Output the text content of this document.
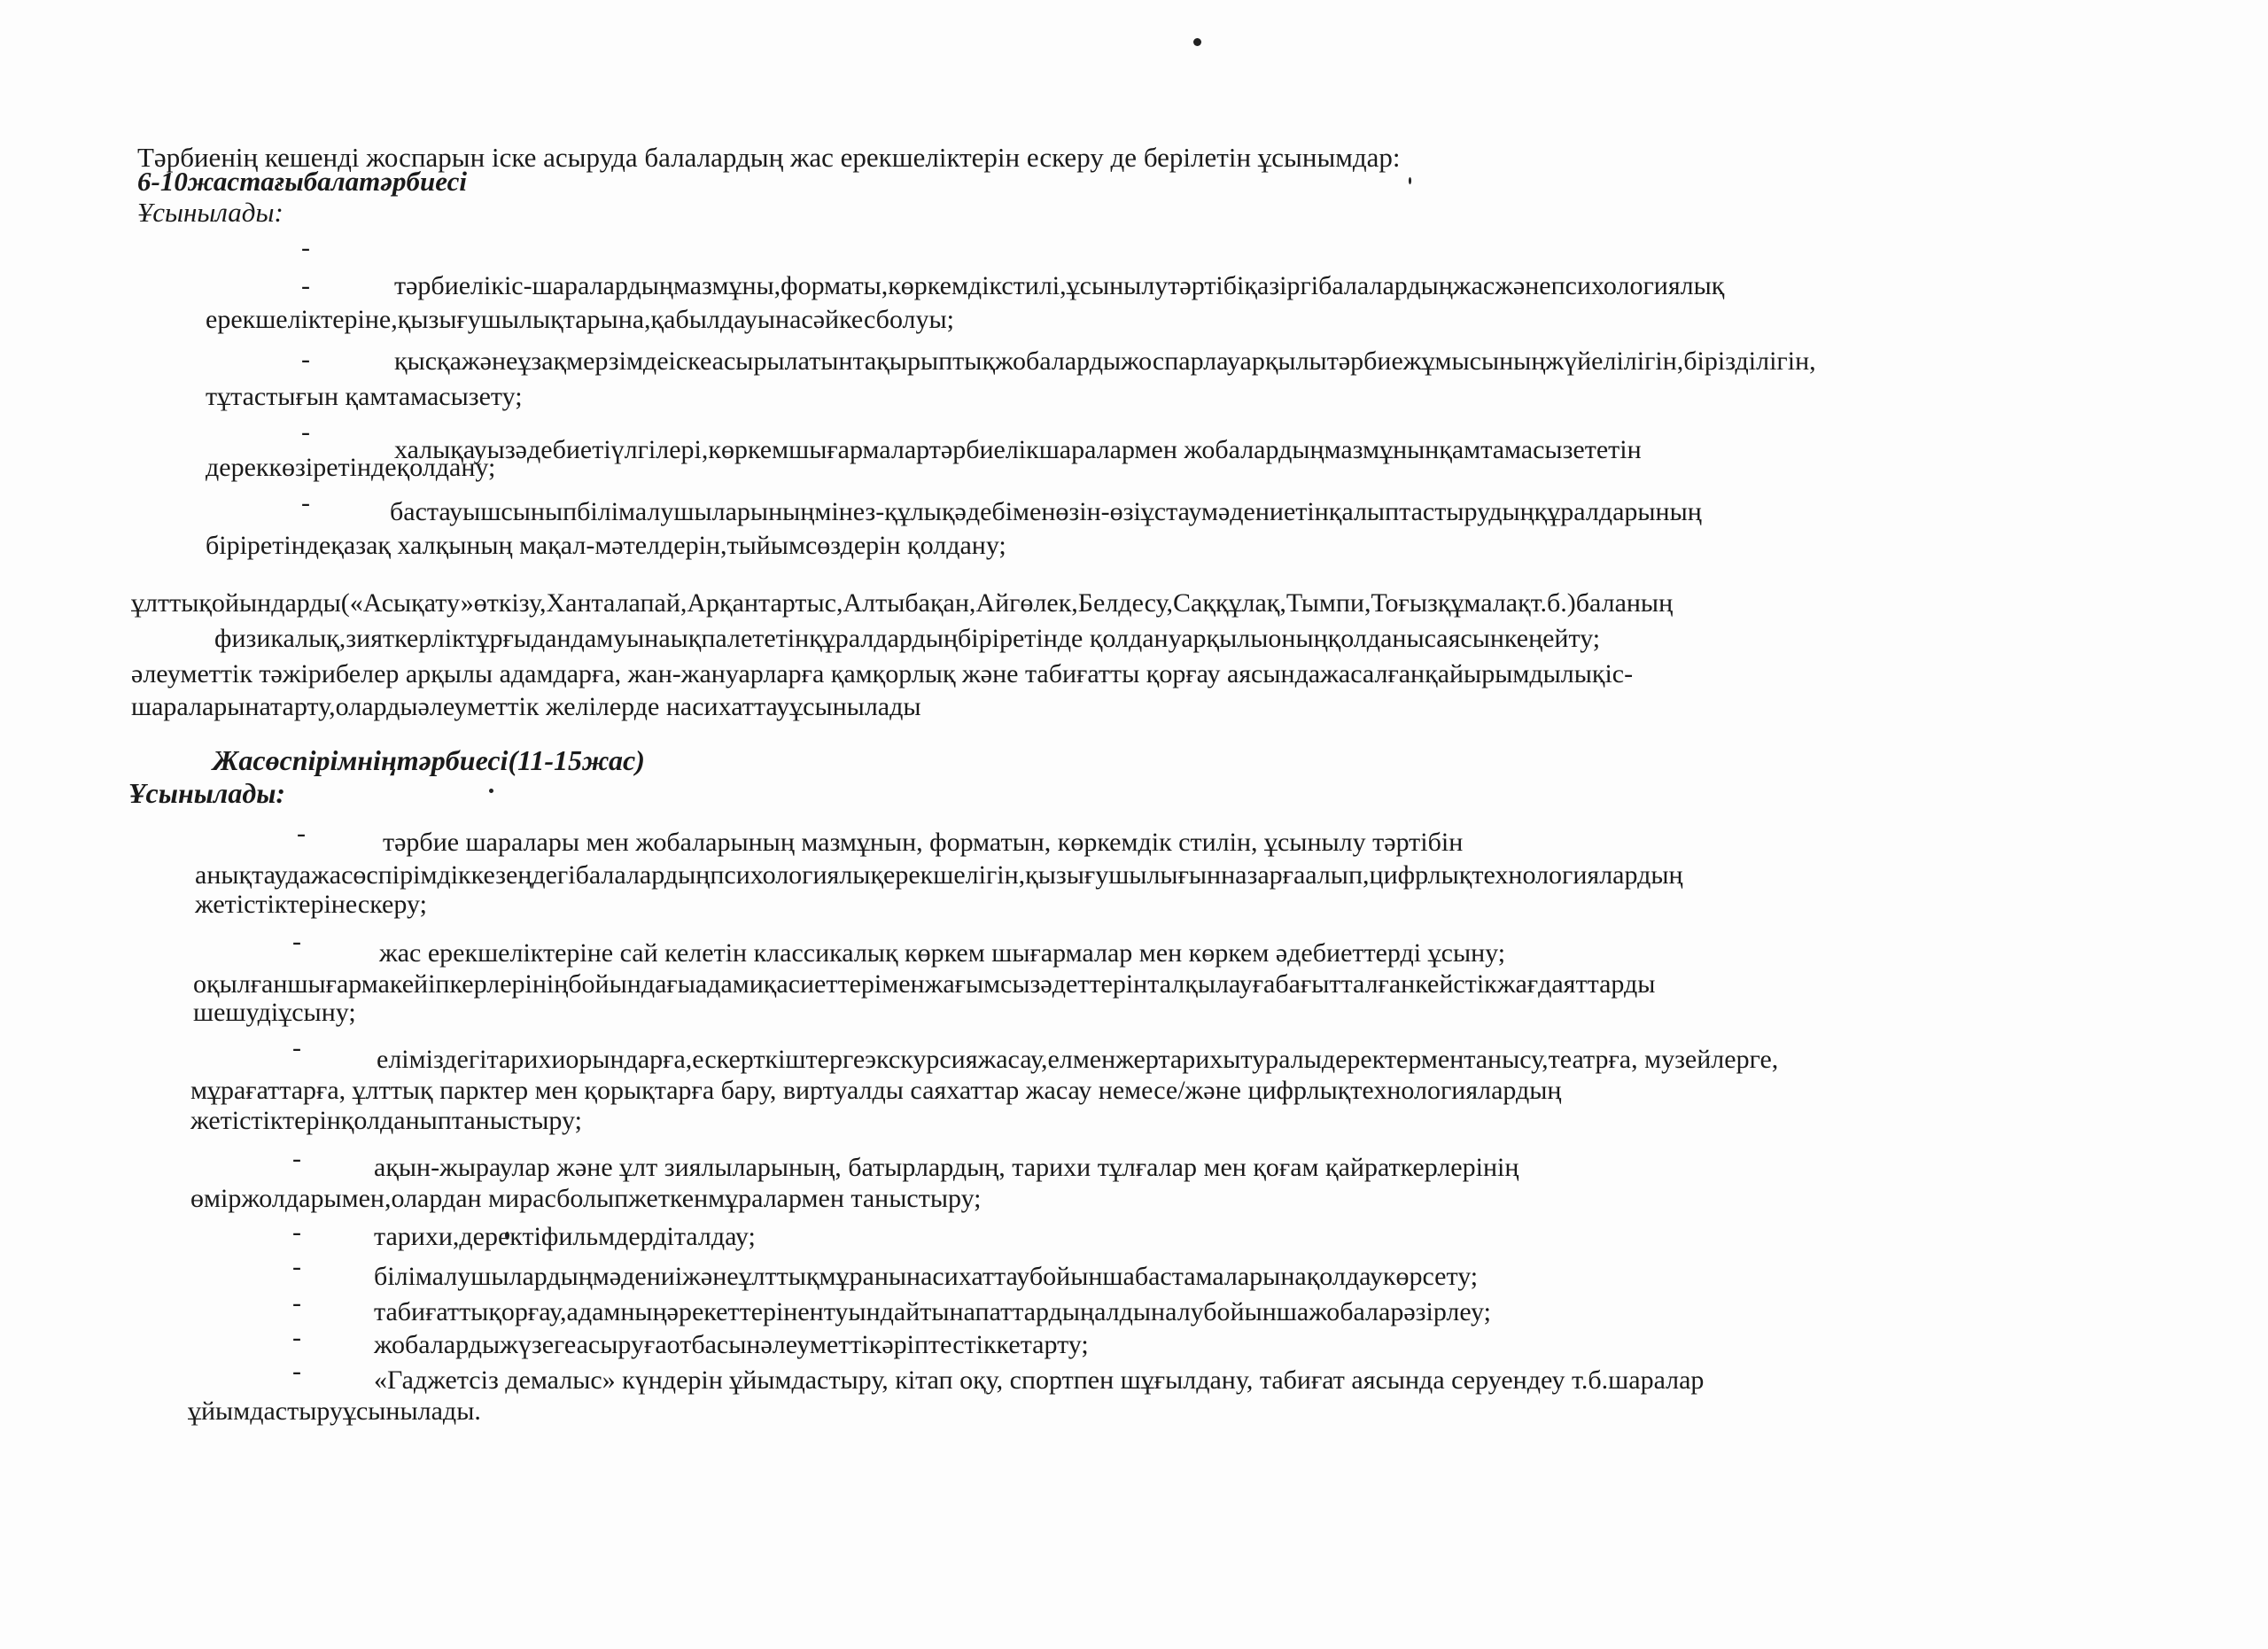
Тәрбиенің кешенді жоспарын іске асыруда балалардың жас ерекшеліктерін ескеру де берілетін ұсынымдар:
6-10жастағыбалатәрбиесі
Ұсынылады:
-
-	тәрбиелікіс-шаралардыңмазмұны,форматы,көркемдікстилі,ұсынылутәртібіқазіргібалалардыңжасжәнепсихологиялық
ерекшеліктеріне,қызығушылықтарына,қабылдауынасәйкесболуы;
-	қысқажәнеұзақмерзімдеіскеасырылатынтақырыптықжобалардыжоспарлауарқылытәрбиежұмысыныңжүйелілігін,бірізділігін,
тұтастығын қамтамасызету;
-
халықауызәдебиетіүлгілері,көркемшығармалартәрбиелікшаралармен жобалардыңмазмұнынқамтамасызететін
дереккөзіретіндеқолдану;
-	бастауышсыныпбілімалушыларыныңмінез-құлықәдебіменөзін-өзіұстаумәдениетінқалыптастырудыңқұралдарының
біріретіндеқазақ халқының мақал-мәтелдерін,тыйымсөздерін қолдану;
ұлттықойындарды(«Асықату»өткізу,Ханталапай,Арқантартыс,Алтыбақан,Айгөлек,Белдесу,Саққұлақ,Тымпи,Тоғызқұмалақт.б.)баланың
физикалық,зияткерліктұрғыдандамуынаықпалететінқұралдардыңбіріретінде қолдануарқылыоныңқолданысаясынкеңейту;
әлеуметтік тәжірибелер арқылы адамдарға, жан-жануарларға қамқорлық және табиғатты қорғау аясындажасалғанқайырымдылықіс-
шараларынатарту,олардыәлеуметтік желілерде насихаттауұсынылады
Жасөспірімніңтәрбиесі(11-15жас)
Ұсынылады:
-	тәрбие шаралары мен жобаларының мазмұнын, форматын, көркемдік стилін, ұсынылу тәртібін
анықтаудажасөспірімдіккезеңдегібалалардыңпсихологиялықерекшелігін,қызығушылығынназарғаалып,цифрлықтехнологиялардың
жетістіктерінескеру;
-	жас ерекшеліктеріне сай келетін классикалық көркем шығармалар мен көркем әдебиеттерді ұсыну;
оқылғаншығармакейіпкерлерініңбойындағыадамиқасиеттеріменжағымсызәдеттерінталқылауғабағытталғанкейстікжағдаяттарды
шешудіұсыну;
-	еліміздегітарихиорындарға,ескерткіштергеэкскурсияжасау,елменжертарихытуралыдеректерментанысу,театрға, музейлерге,
мұрағаттарға, ұлттық парктер мен қорықтарға бару, виртуалды саяхаттар жасау немесе/және цифрлықтехнологиялардың
жетістіктерінқолданыптаныстыру;
-	ақын-жыраулар және ұлт зиялыларының, батырлардың, тарихи тұлғалар мен қоғам қайраткерлерінің
өміржолдарымен,олардан мирасболыпжеткенмұралармен таныстыру;
-	тарихи,деректіфильмдердіталдау;
-	білімалушылардыңмәдениіжәнеұлттықмұранынасихаттаубойыншабастамаларынақолдаукөрсету;
-	табиғаттықорғау,адамныңәрекеттерінентуындайтынапаттардыңалдыналубойыншажобаларәзірлеу;
-	жобалардыжүзегеасыруғаотбасынәлеуметтікәріптестіккетарту;
-	«Гаджетсіз демалыс» күндерін ұйымдастыру, кітап оқу, спортпен шұғылдану, табиғат аясында серуендеу т.б.шаралар
ұйымдастыруұсынылады.
